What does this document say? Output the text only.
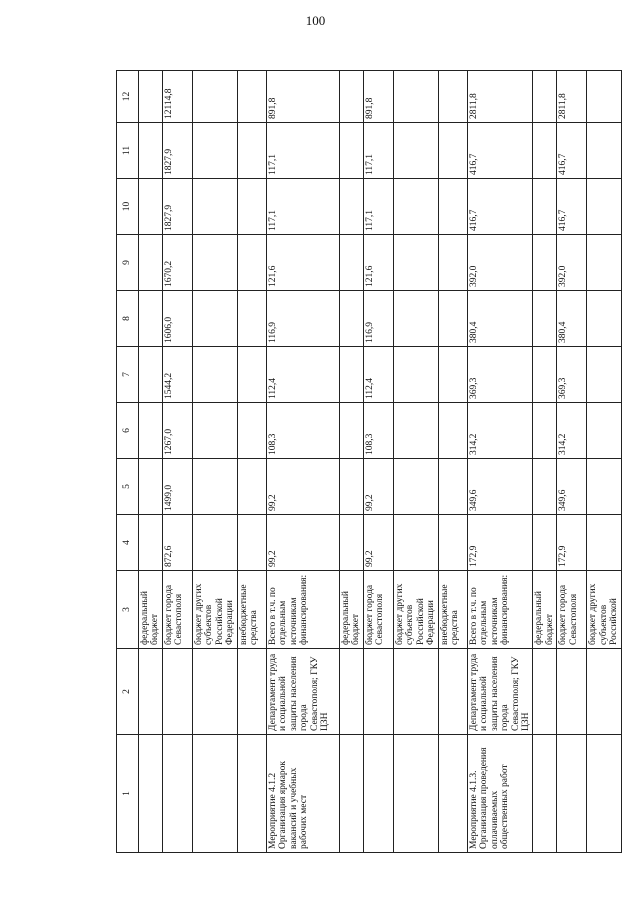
100
1	2	3	4	5	6	7	8	9	10	11	12
		федеральный бюджет									
		бюджет города Севастополя	872,6	1499,0	1267,0	1544,2	1606,0	1670,2	1827,9	1827,9	12114,8
		бюджет других субъектов Российской Федерации									
		внебюджетные средства									
Мероприятие 4.1.2 Организация ярмарок вакансий и учебных рабочих мест	Департамент труда и социальной защиты населения города Севастополя; ГКУ ЦЗН	Всего в т.ч. по отдельным источникам финансирования:	99,2	99,2	108,3	112,4	116,9	121,6	117,1	117,1	891,8
		федеральный бюджет									
		бюджет города Севастополя	99,2	99,2	108,3	112,4	116,9	121,6	117,1	117,1	891,8
		бюджет других субъектов Российской Федерации									
		внебюджетные средства									
Мероприятие 4.1.3. Организация проведения оплачиваемых общественных работ	Департамент труда и социальной защиты населения города Севастополя; ГКУ ЦЗН	Всего в т.ч. по отдельным источникам финансирования:	172,9	349,6	314,2	369,3	380,4	392,0	416,7	416,7	2811,8
		федеральный бюджет									
		бюджет города Севастополя	172,9	349,6	314,2	369,3	380,4	392,0	416,7	416,7	2811,8
		бюджет других субъектов Российской									
